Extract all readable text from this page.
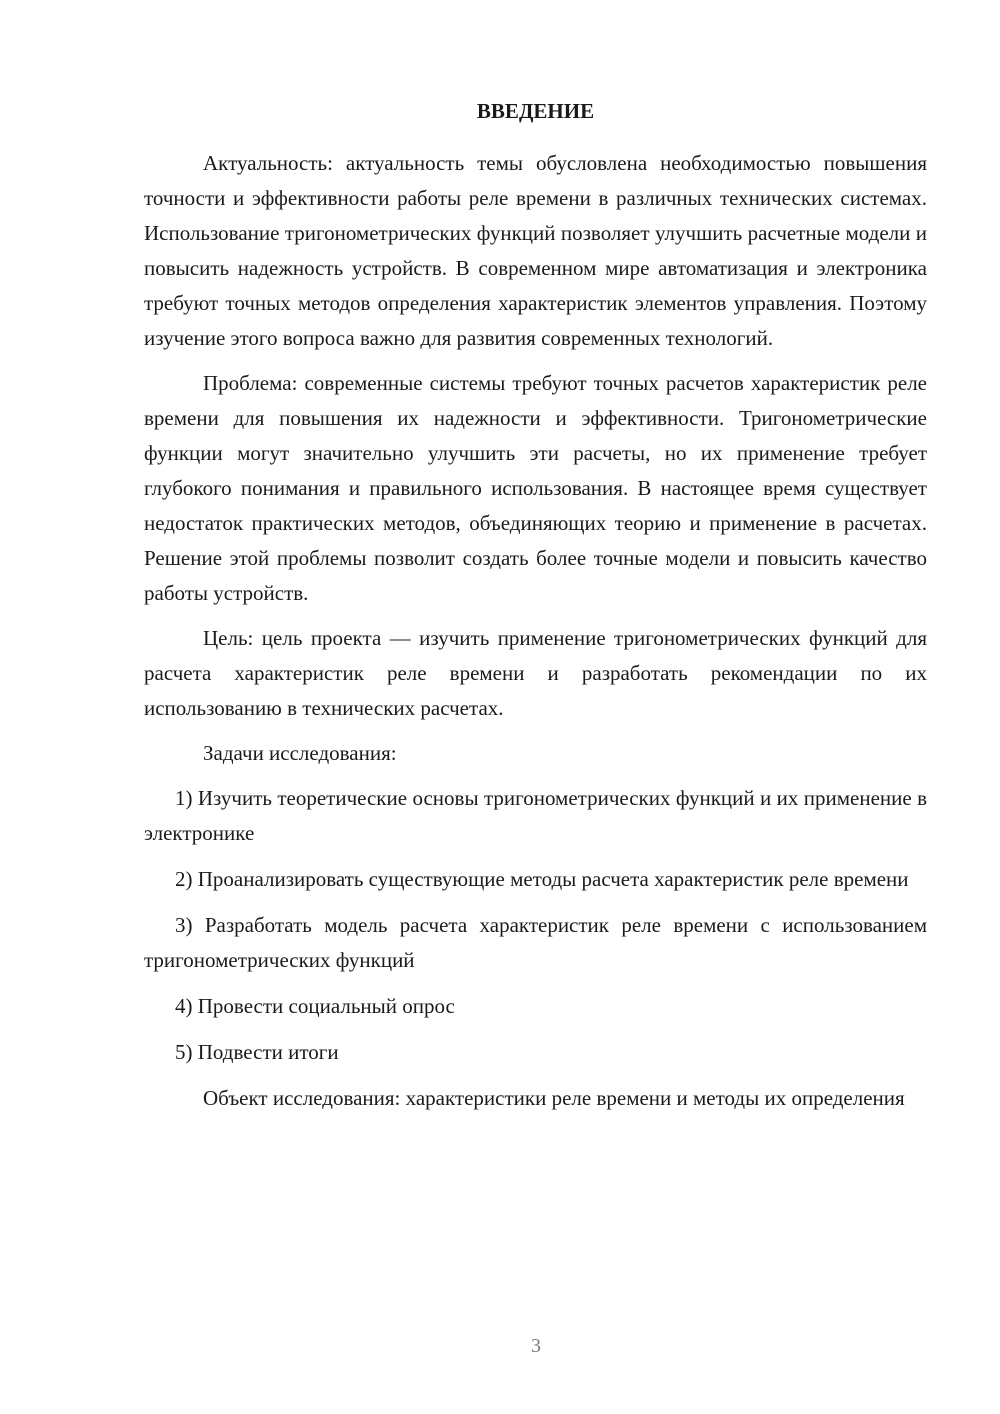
ВВЕДЕНИЕ

Актуальность: актуальность темы обусловлена необходимостью повышения точности и эффективности работы реле времени в различных технических системах. Использование тригонометрических функций позволяет улучшить расчетные модели и повысить надежность устройств. В современном мире автоматизация и электроника требуют точных методов определения характеристик элементов управления. Поэтому изучение этого вопроса важно для развития современных технологий.

Проблема: современные системы требуют точных расчетов характеристик реле времени для повышения их надежности и эффективности. Тригонометрические функции могут значительно улучшить эти расчеты, но их применение требует глубокого понимания и правильного использования. В настоящее время существует недостаток практических методов, объединяющих теорию и применение в расчетах. Решение этой проблемы позволит создать более точные модели и повысить качество работы устройств.

Цель: цель проекта — изучить применение тригонометрических функций для расчета характеристик реле времени и разработать рекомендации по их использованию в технических расчетах.

Задачи исследования:

1) Изучить теоретические основы тригонометрических функций и их применение в электронике

2) Проанализировать существующие методы расчета характеристик реле времени

3) Разработать модель расчета характеристик реле времени с использованием тригонометрических функций

4) Провести социальный опрос

5) Подвести итоги

Объект исследования: характеристики реле времени и методы их определения

3
